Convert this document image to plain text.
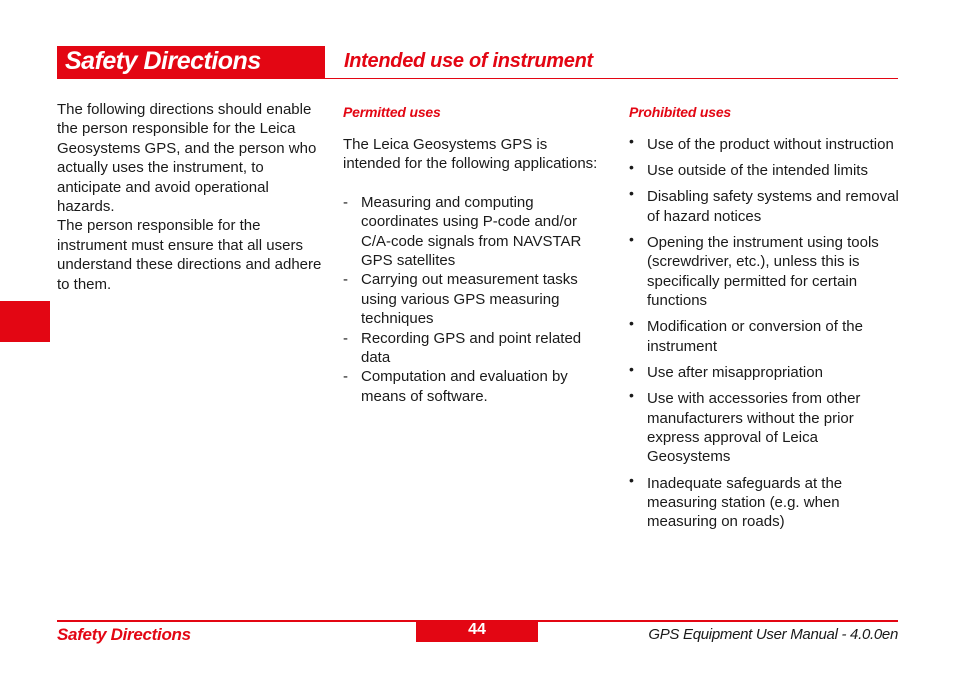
Safety Directions	Intended use of instrument

The following directions should enable the person responsible for the Leica Geosystems GPS, and the person who actually uses the instrument, to anticipate and avoid operational hazards.

The person responsible for the instrument must ensure that all users understand these directions and adhere to them.

Permitted uses

The Leica Geosystems GPS is intended for the following applications:

- Measuring and computing coordinates using P-code and/or C/A-code signals from NAVSTAR GPS satellites
- Carrying out measurement tasks using various GPS measuring techniques
- Recording GPS and point related data
- Computation and evaluation by means of software.
Prohibited uses
• Use of the product without instruction
• Use outside of the intended limits
• Disabling safety systems and removal of hazard notices
• Opening the instrument using tools (screwdriver, etc.), unless this is specifically permitted for certain functions
• Modification or conversion of the instrument
• Use after misappropriation
• Use with accessories from other manufacturers without the prior express approval of Leica Geosystems
• Inadequate safeguards at the measuring station (e.g. when measuring on roads)
Safety Directions	44	GPS Equipment User Manual - 4.0.0en
